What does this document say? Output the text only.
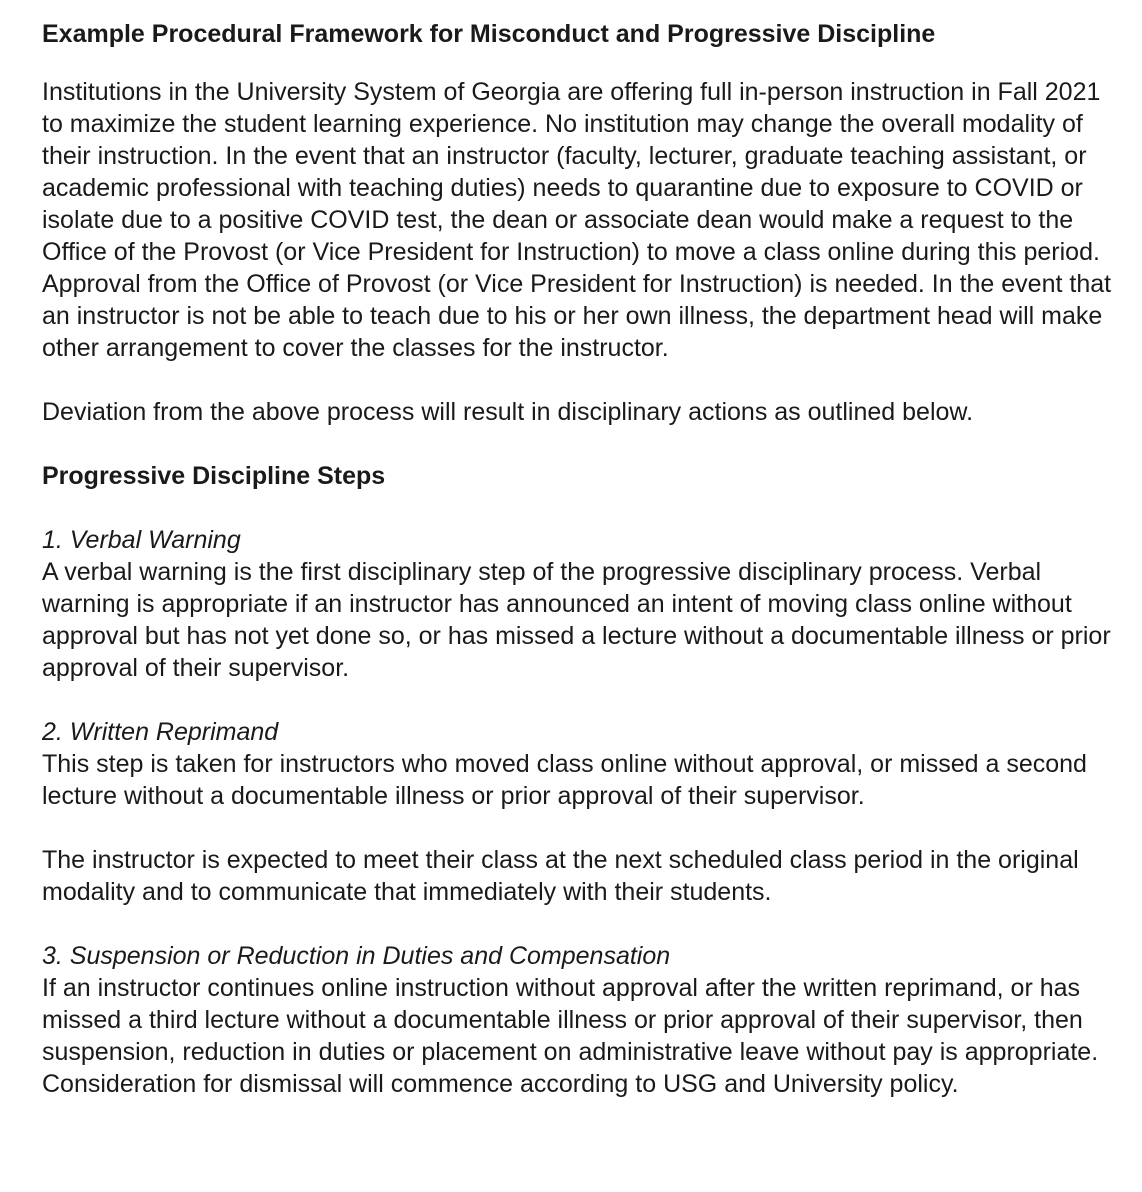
Example Procedural Framework for Misconduct and Progressive Discipline

Institutions in the University System of Georgia are offering full in-person instruction in Fall 2021 to maximize the student learning experience. No institution may change the overall modality of their instruction. In the event that an instructor (faculty, lecturer, graduate teaching assistant, or academic professional with teaching duties) needs to quarantine due to exposure to COVID or isolate due to a positive COVID test, the dean or associate dean would make a request to the Office of the Provost (or Vice President for Instruction) to move a class online during this period. Approval from the Office of Provost (or Vice President for Instruction) is needed. In the event that an instructor is not be able to teach due to his or her own illness, the department head will make other arrangement to cover the classes for the instructor.

Deviation from the above process will result in disciplinary actions as outlined below.

Progressive Discipline Steps
1. Verbal Warning
A verbal warning is the first disciplinary step of the progressive disciplinary process. Verbal warning is appropriate if an instructor has announced an intent of moving class online without approval but has not yet done so, or has missed a lecture without a documentable illness or prior approval of their supervisor.
2. Written Reprimand
This step is taken for instructors who moved class online without approval, or missed a second lecture without a documentable illness or prior approval of their supervisor.

The instructor is expected to meet their class at the next scheduled class period in the original modality and to communicate that immediately with their students.

3. Suspension or Reduction in Duties and Compensation
If an instructor continues online instruction without approval after the written reprimand, or has missed a third lecture without a documentable illness or prior approval of their supervisor, then suspension, reduction in duties or placement on administrative leave without pay is appropriate. Consideration for dismissal will commence according to USG and University policy.
